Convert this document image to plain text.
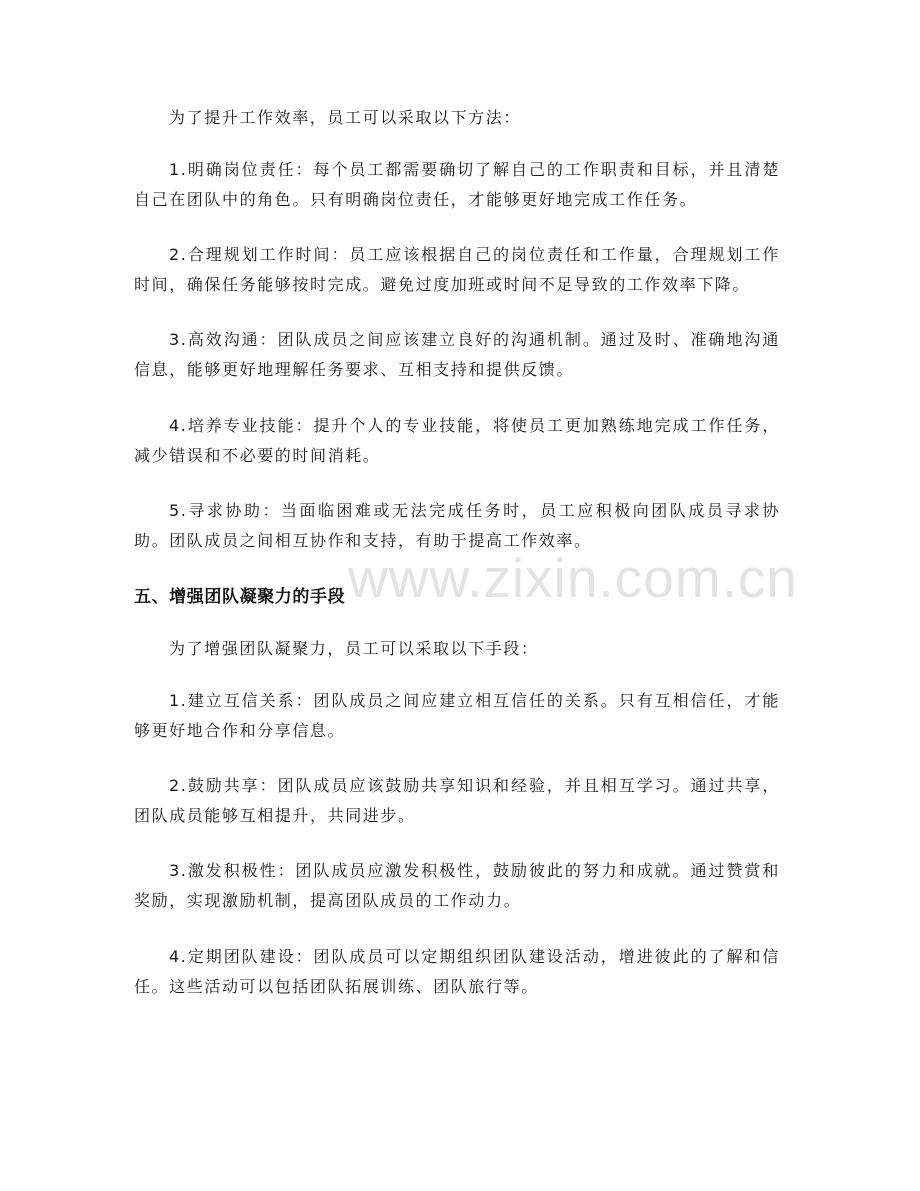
www.zixin.com.cn

为了提升工作效率，员工可以采取以下方法：

1.明确岗位责任：每个员工都需要确切了解自己的工作职责和目标，并且清楚自己在团队中的角色。只有明确岗位责任，才能够更好地完成工作任务。

2.合理规划工作时间：员工应该根据自己的岗位责任和工作量，合理规划工作时间，确保任务能够按时完成。避免过度加班或时间不足导致的工作效率下降。

3.高效沟通：团队成员之间应该建立良好的沟通机制。通过及时、准确地沟通信息，能够更好地理解任务要求、互相支持和提供反馈。

4.培养专业技能：提升个人的专业技能，将使员工更加熟练地完成工作任务，减少错误和不必要的时间消耗。

5.寻求协助：当面临困难或无法完成任务时，员工应积极向团队成员寻求协助。团队成员之间相互协作和支持，有助于提高工作效率。

五、增强团队凝聚力的手段

为了增强团队凝聚力，员工可以采取以下手段：

1.建立互信关系：团队成员之间应建立相互信任的关系。只有互相信任，才能够更好地合作和分享信息。

2.鼓励共享：团队成员应该鼓励共享知识和经验，并且相互学习。通过共享，团队成员能够互相提升，共同进步。

3.激发积极性：团队成员应激发积极性，鼓励彼此的努力和成就。通过赞赏和奖励，实现激励机制，提高团队成员的工作动力。

4.定期团队建设：团队成员可以定期组织团队建设活动，增进彼此的了解和信任。这些活动可以包括团队拓展训练、团队旅行等。
